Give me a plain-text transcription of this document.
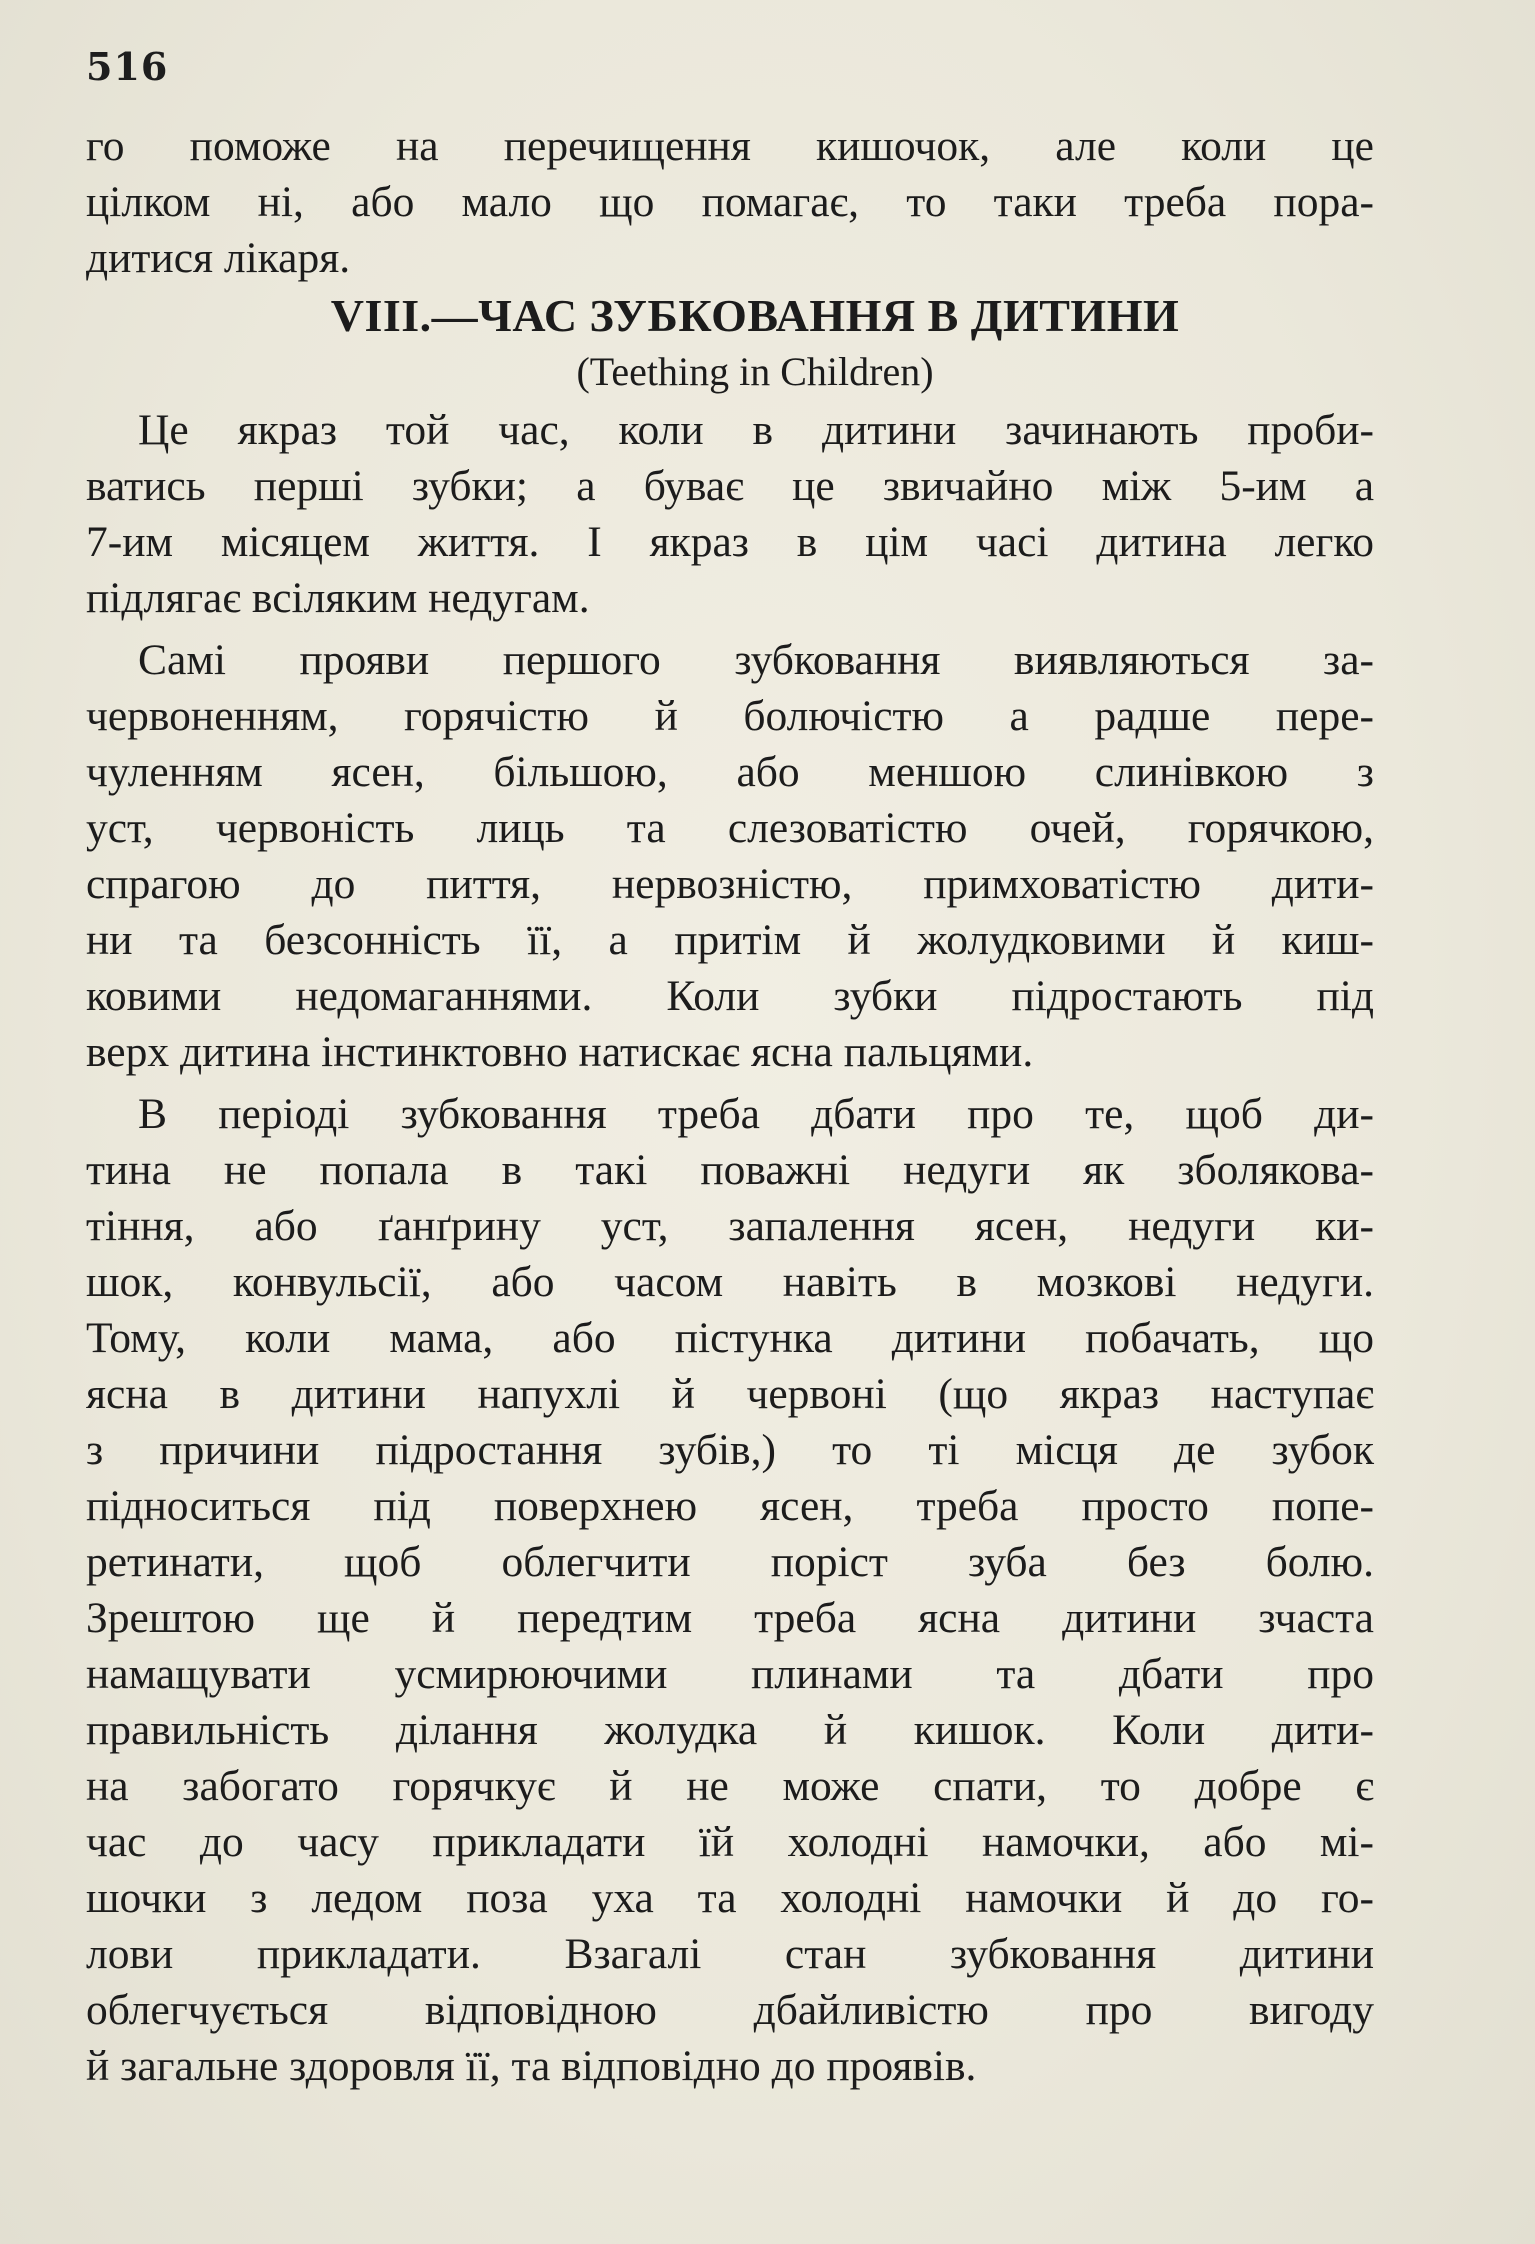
516
го поможе на перечищення кишочок, але коли це
цілком ні, або мало що помагає, то таки треба пора-
дитися лікаря.
VIII.—ЧАС ЗУБКОВАННЯ В ДИТИНИ
(Teething in Children)
Це якраз той час, коли в дитини зачинають проби-
ватись перші зубки; а буває це звичайно між 5-им а
7-им місяцем життя. І якраз в цім часі дитина легко
підлягає всіляким недугам.
Самі прояви першого зубковання виявляються за-
червоненням, горячістю й болючістю а радше пере-
чуленням ясен, більшою, або меншою слинівкою з
уст, червоність лиць та слезоватістю очей, горячкою,
спрагою до пиття, нервозністю, примховатістю дити-
ни та безсонність її, а притім й жолудковими й киш-
ковими недомаганнями. Коли зубки підростають під
верх дитина інстинктовно натискає ясна пальцями.
В періоді зубковання треба дбати про те, щоб ди-
тина не попала в такі поважні недуги як зболякова-
тіння, або ґанґрину уст, запалення ясен, недуги ки-
шок, конвульсії, або часом навіть в мозкові недуги.
Тому, коли мама, або пістунка дитини побачать, що
ясна в дитини напухлі й червоні (що якраз наступає
з причини підростання зубів,) то ті місця де зубок
підноситься під поверхнею ясен, треба просто попе-
ретинати, щоб облегчити поріст зуба без болю.
Зрештою ще й передтим треба ясна дитини зчаста
намащувати усмирюючими плинами та дбати про
правильність ділання жолудка й кишок. Коли дити-
на забогато горячкує й не може спати, то добре є
час до часу прикладати їй холодні намочки, або мі-
шочки з ледом поза уха та холодні намочки й до го-
лови прикладати. Взагалі стан зубковання дитини
облегчується відповідною дбайливістю про вигоду
й загальне здоровля її, та відповідно до проявів.
